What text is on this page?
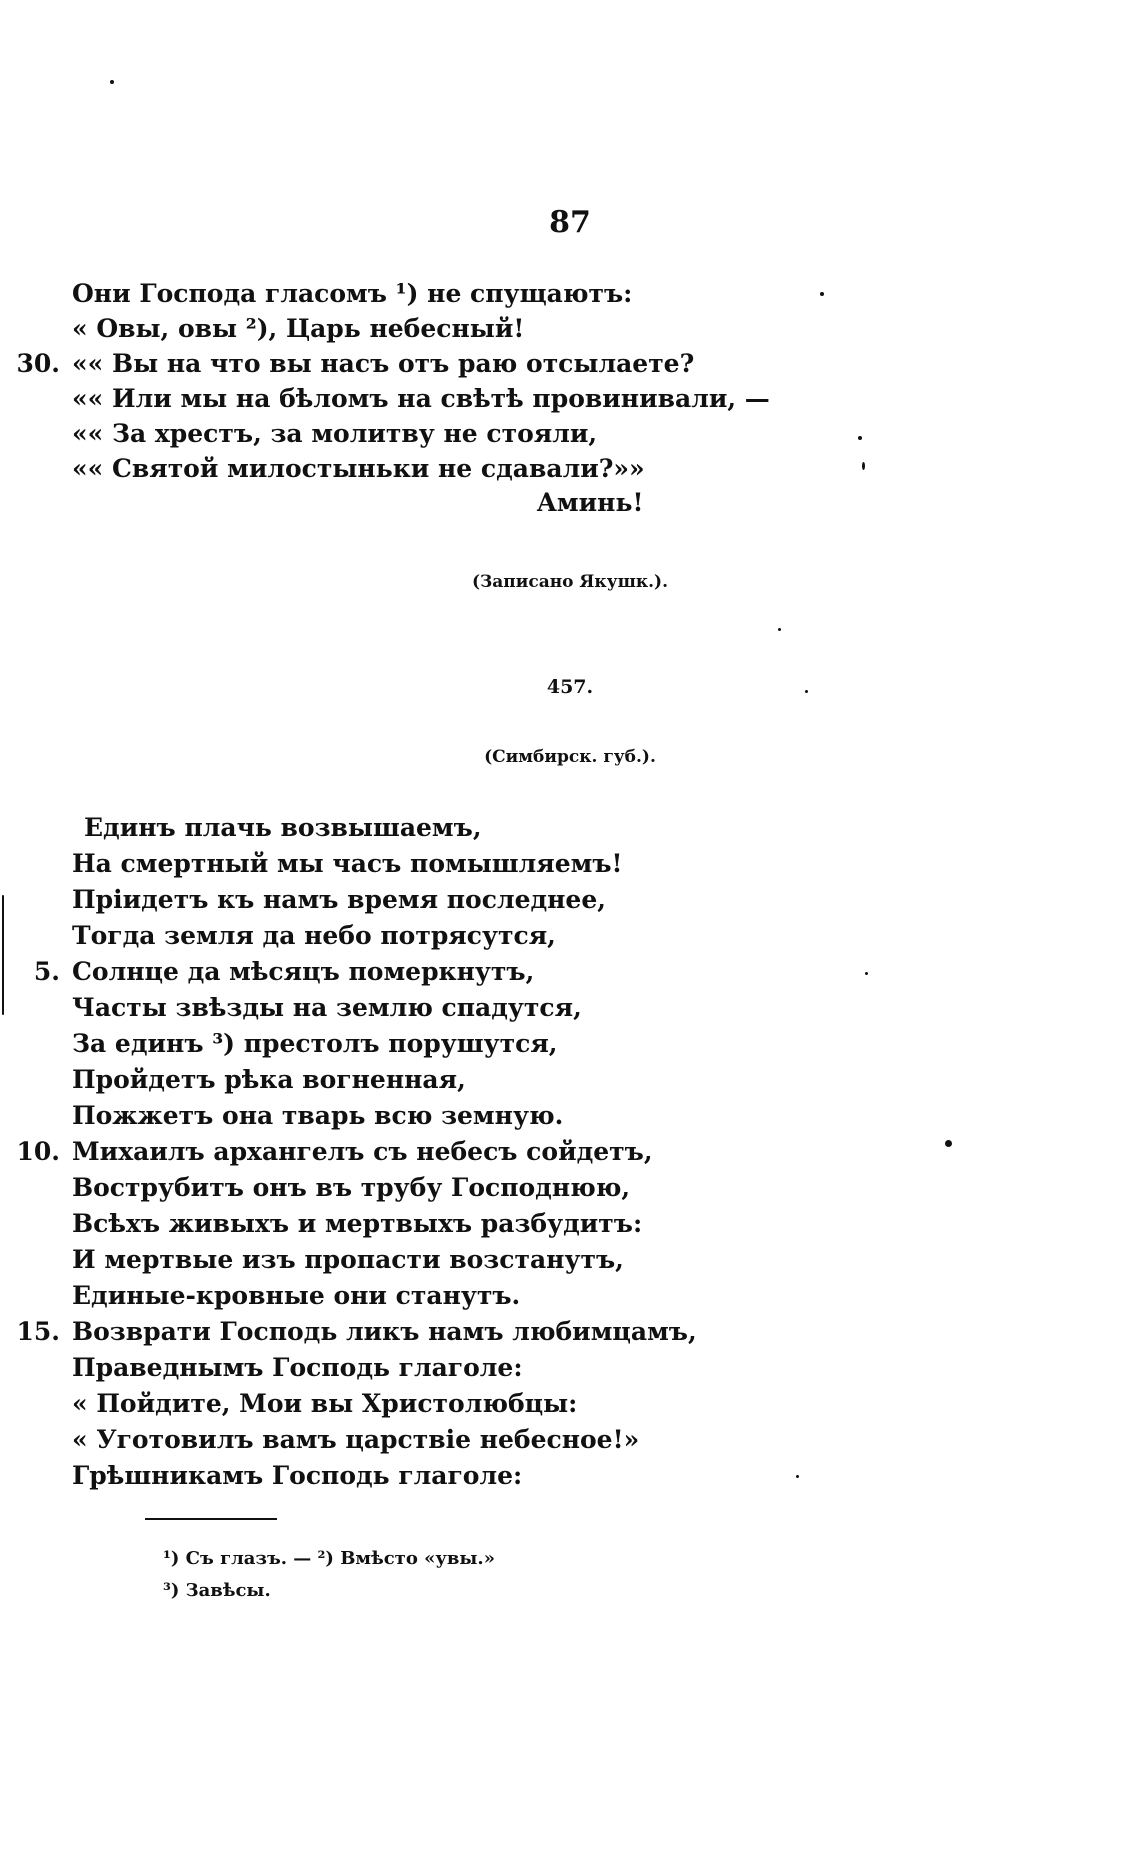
87
Они Господа гласомъ ¹) не спущаютъ:
« Овы, овы ²), Царь небесный!
30. «« Вы на что вы насъ отъ раю отсылаете?
«« Или мы на бѣломъ на свѣтѣ провинивали, —
«« За хрестъ, за молитву не стояли,
«« Святой милостыньки не сдавали?»»
Аминь!
(Записано Якушк.).
457.
(Симбирск. губ.).
Единъ плачь возвышаемъ,
На смертный мы часъ помышляемъ!
Пріидетъ къ намъ время последнее,
Тогда земля да небо потрясутся,
5. Солнце да мѣсяцъ померкнутъ,
Часты звѣзды на землю спадутся,
За единъ ³) престолъ порушутся,
Пройдетъ рѣка вогненная,
Пожжетъ она тварь всю земную.
10. Михаилъ архангелъ съ небесъ сойдетъ,
Вострубитъ онъ въ трубу Господнюю,
Всѣхъ живыхъ и мертвыхъ разбудитъ:
И мертвые изъ пропасти возстанутъ,
Единые-кровные они станутъ.
15. Возврати Господь ликъ намъ любимцамъ,
Праведнымъ Господь глаголе:
« Пойдите, Мои вы Христолюбцы:
« Уготовилъ вамъ царствіе небесное!»
Грѣшникамъ Господь глаголе:
¹) Съ глазъ. — ²) Вмѣсто «увы.»
³) Завѣсы.
